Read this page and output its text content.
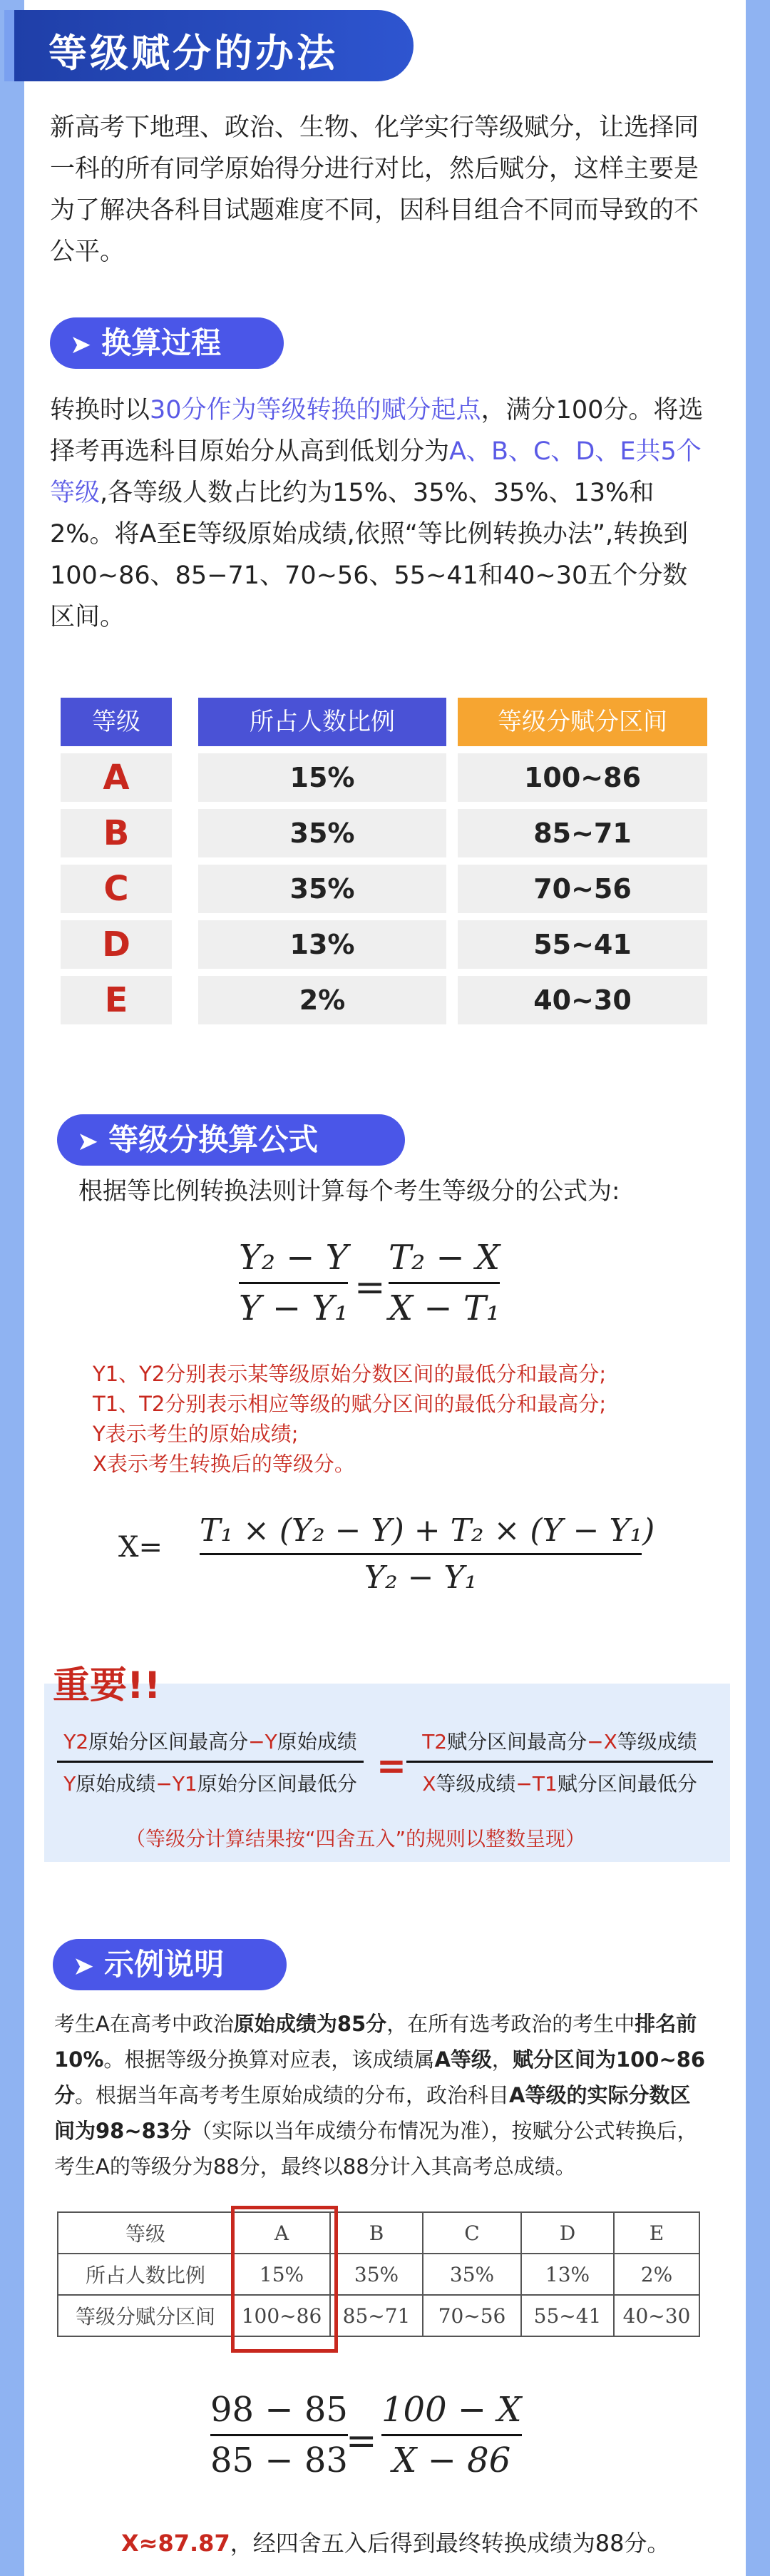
等级赋分的办法
新高考下地理、政治、生物、化学实行等级赋分，让选择同一科的所有同学原始得分进行对比，然后赋分，这样主要是为了解决各科目试题难度不同，因科目组合不同而导致的不公平。
➤ 换算过程
转换时以30分作为等级转换的赋分起点，满分100分。将选择考再选科目原始分从高到低划分为A、B、C、D、E共5个等级,各等级人数占比约为15%、35%、35%、13%和2%。将A至E等级原始成绩,依照“等比例转换办法”,转换到100~86、85−71、70~56、55~41和40~30五个分数区间。
等级	所占人数比例	等级分赋分区间
A	15%	100~86
B	35%	85~71
C	35%	70~56
D	13%	55~41
E	2%	40~30
➤ 等级分换算公式
根据等比例转换法则计算每个考生等级分的公式为:
Y₂ − Y
Y − Y₁ =
T₂ − X
X − T₁
Y1、Y2分别表示某等级原始分数区间的最低分和最高分;
T1、T2分别表示相应等级的赋分区间的最低分和最高分;
Y表示考生的原始成绩;
X表示考生转换后的等级分。
X= T₁ × (Y₂ − Y) + T₂ × (Y − Y₁)
Y₂ − Y₁
重要!!
Y2原始分区间最高分−Y原始成绩
Y原始成绩−Y1原始分区间最低分 =
T2赋分区间最高分−X等级成绩
X等级成绩−T1赋分区间最低分
（等级分计算结果按“四舍五入”的规则以整数呈现）
➤ 示例说明
考生A在高考中政治原始成绩为85分，在所有选考政治的考生中排名前10%。根据等级分换算对应表，该成绩属A等级，赋分区间为100~86分。根据当年高考考生原始成绩的分布，政治科目A等级的实际分数区间为98~83分（实际以当年成绩分布情况为准），按赋分公式转换后，考生A的等级分为88分，最终以88分计入其高考总成绩。
等级	A	B	C	D	E
所占人数比例	15%	35%	35%	13%	2%
等级分赋分区间	100~86	85~71	70~56	55~41	40~30
98 − 85
85 − 83
=
100 − X
X − 86
X≈87.87，经四舍五入后得到最终转换成绩为88分。
